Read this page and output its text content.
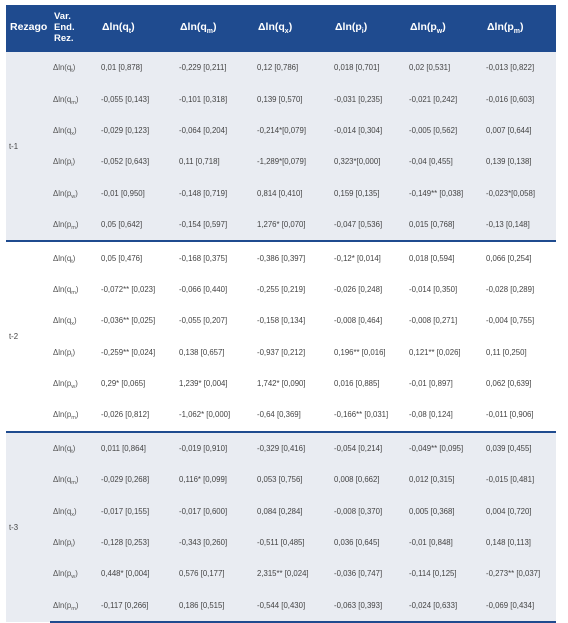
Rezago	Var. End. Rez.	$\Delta\ln(q_t)$	$\Delta\ln(q_m)$	$\Delta\ln(q_x)$	$\Delta\ln(p_i)$	$\Delta\ln(p_w)$	$\Delta\ln(p_m)$
t-1	$\Delta\ln(q_t)$	0,01 [0,878]	-0,229 [0,211]	0,12 [0,786]	0,018 [0,701]	0,02 [0,531]	-0,013 [0,822]
	$\Delta\ln(q_m)$	-0,055 [0,143]	-0,101 [0,318]	0,139 [0,570]	-0,031 [0,235]	-0,021 [0,242]	-0,016 [0,603]
	$\Delta\ln(q_x)$	-0,029 [0,123]	-0,064 [0,204]	-0,214*[0,079]	-0,014 [0,304]	-0,005 [0,562]	0,007 [0,644]
	$\Delta\ln(p_i)$	-0,052 [0,643]	0,11 [0,718]	-1,289*[0,079]	0,323*[0,000]	-0,04 [0,455]	0,139 [0,138]
	$\Delta\ln(p_w)$	-0,01 [0,950]	-0,148 [0,719]	0,814 [0,410]	0,159 [0,135]	-0,149** [0,038]	-0,023*[0,058]
	$\Delta\ln(p_m)$	0,05 [0,642]	-0,154 [0,597]	1,276* [0,070]	-0,047 [0,536]	0,015 [0,768]	-0,13 [0,148]
t-2	$\Delta\ln(q_t)$	0,05 [0,476]	-0,168 [0,375]	-0,386 [0,397]	-0,12* [0,014]	0,018 [0,594]	0,066 [0,254]
	$\Delta\ln(q_m)$	-0,072** [0,023]	-0,066 [0,440]	-0,255 [0,219]	-0,026 [0,248]	-0,014 [0,350]	-0,028 [0,289]
	$\Delta\ln(q_x)$	-0,036** [0,025]	-0,055 [0,207]	-0,158 [0,134]	-0,008 [0,464]	-0,008 [0,271]	-0,004 [0,755]
	$\Delta\ln(p_i)$	-0,259** [0,024]	0,138 [0,657]	-0,937 [0,212]	0,196** [0,016]	0,121** [0,026]	0,11 [0,250]
	$\Delta\ln(p_w)$	0,29* [0,065]	1,239* [0,004]	1,742* [0,090]	0,016 [0,885]	-0,01 [0,897]	0,062 [0,639]
	$\Delta\ln(p_m)$	-0,026 [0,812]	-1,062* [0,000]	-0,64 [0,369]	-0,166** [0,031]	-0,08 [0,124]	-0,011 [0,906]
t-3	$\Delta\ln(q_t)$	0,011 [0,864]	-0,019 [0,910]	-0,329 [0,416]	-0,054 [0,214]	-0,049** [0,095]	0,039 [0,455]
	$\Delta\ln(q_m)$	-0,029 [0,268]	0,116* [0,099]	0,053 [0,756]	0,008 [0,662]	0,012 [0,315]	-0,015 [0,481]
	$\Delta\ln(q_x)$	-0,017 [0,155]	-0,017 [0,600]	0,084 [0,284]	-0,008 [0,370]	0,005 [0,368]	0,004 [0,720]
	$\Delta\ln(p_i)$	-0,128 [0,253]	-0,343 [0,260]	-0,511 [0,485]	0,036 [0,645]	-0,01 [0,848]	0,148 [0,113]
	$\Delta\ln(p_w)$	0,448* [0,004]	0,576 [0,177]	2,315** [0,024]	-0,036 [0,747]	-0,114 [0,125]	-0,273** [0,037]
	$\Delta\ln(p_m)$	-0,117 [0,266]	0,186 [0,515]	-0,544 [0,430]	-0,063 [0,393]	-0,024 [0,633]	-0,069 [0,434]
